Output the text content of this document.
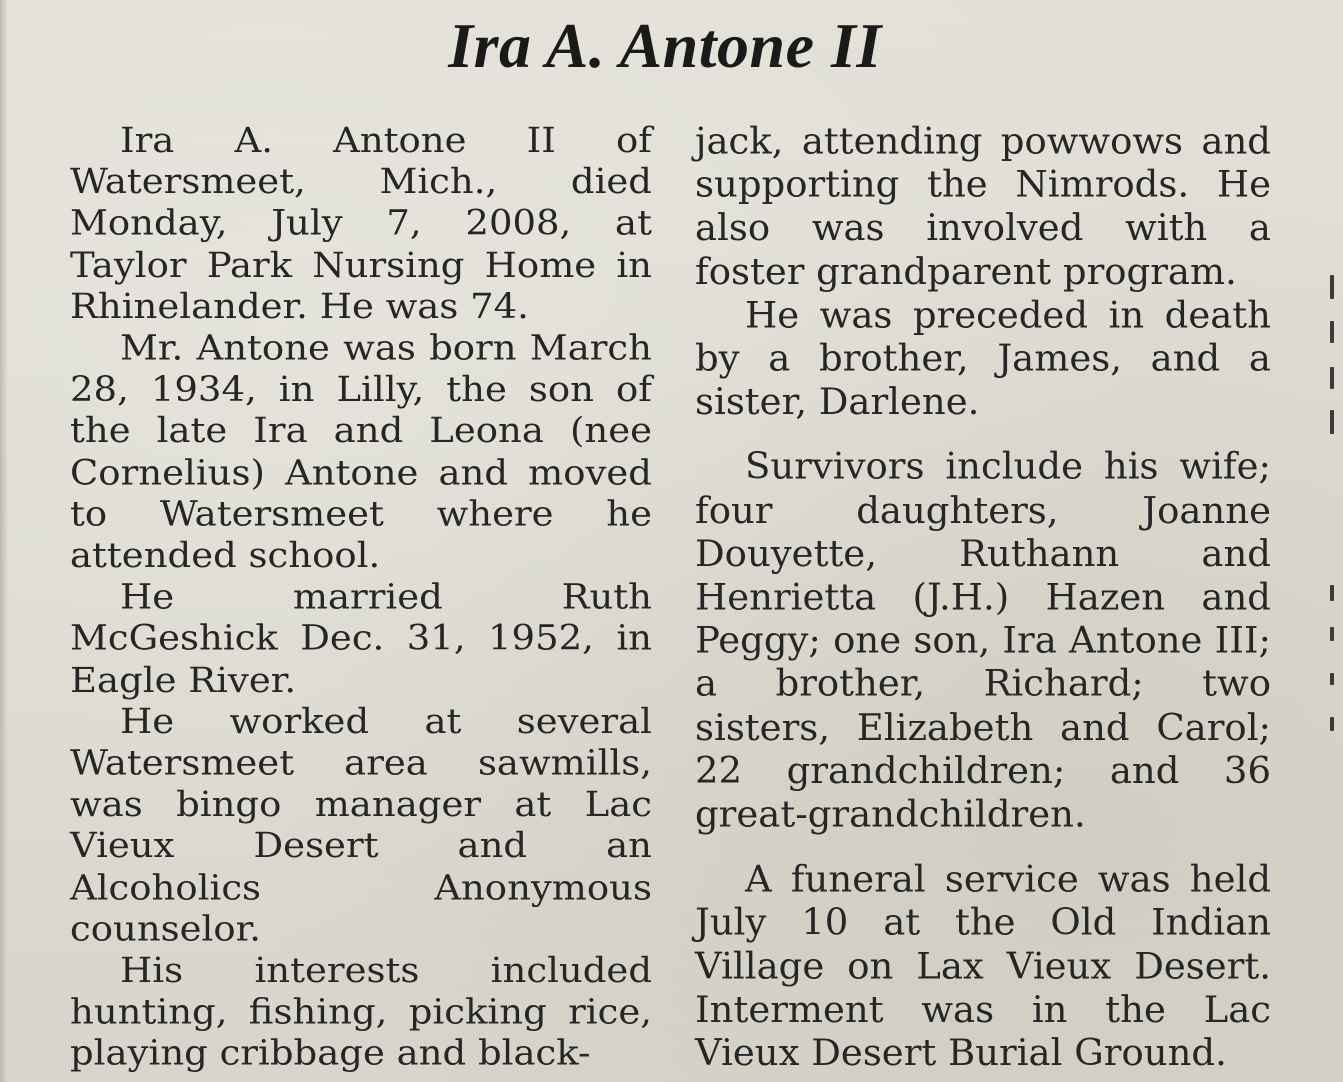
Ira A. Antone II

Ira A. Antone II of Watersmeet, Mich., died Monday, July 7, 2008, at Taylor Park Nursing Home in Rhinelander. He was 74.

Mr. Antone was born March 28, 1934, in Lilly, the son of the late Ira and Leona (nee Cornelius) Antone and moved to Watersmeet where he attended school.

He married Ruth McGeshick Dec. 31, 1952, in Eagle River.

He worked at several Watersmeet area sawmills, was bingo manager at Lac Vieux Desert and an Alcoholics Anonymous counselor.

His interests included hunting, fishing, picking rice, playing cribbage and black-

jack, attending powwows and supporting the Nimrods. He also was involved with a foster grandparent program.

He was preceded in death by a brother, James, and a sister, Darlene.

Survivors include his wife; four daughters, Joanne Douyette, Ruthann and Henrietta (J.H.) Hazen and Peggy; one son, Ira Antone III; a brother, Richard; two sisters, Elizabeth and Carol; 22 grandchildren; and 36 great-grandchildren.

A funeral service was held July 10 at the Old Indian Village on Lax Vieux Desert. Interment was in the Lac Vieux Desert Burial Ground.
